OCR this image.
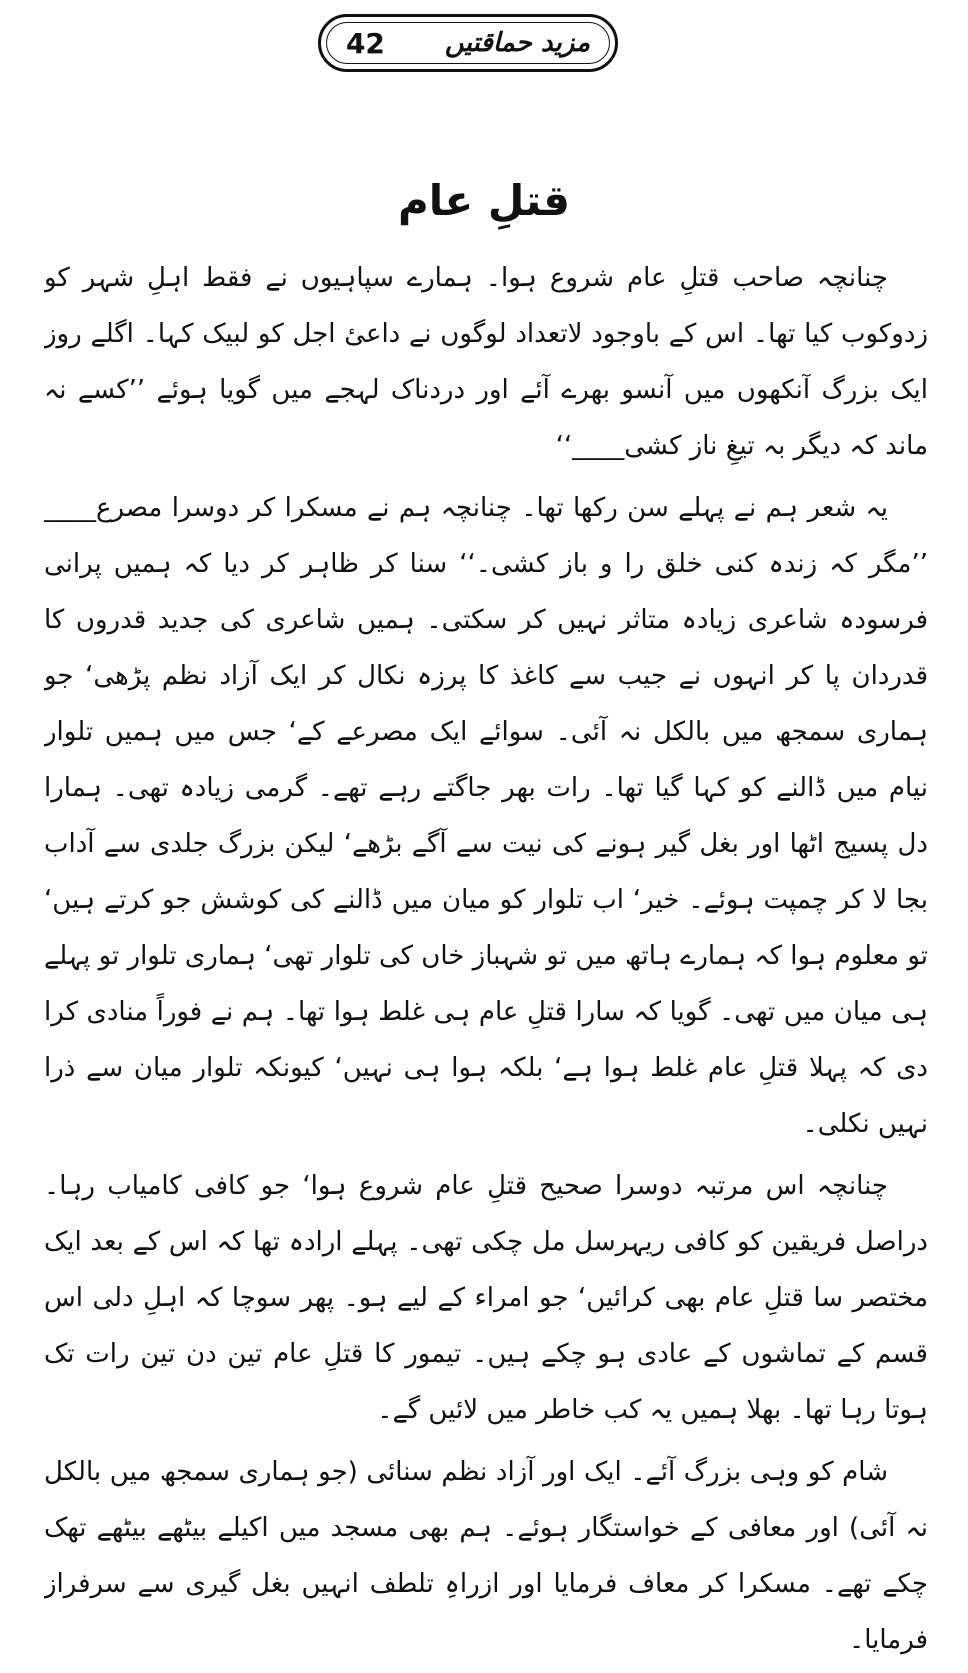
مزید حماقتیں
42
قتلِ عام

چنانچہ صاحب قتلِ عام شروع ہوا۔ ہمارے سپاہیوں نے فقط اہلِ شہر کو زدوکوب کیا تھا۔ اس کے باوجود لاتعداد لوگوں نے داعیٔ اجل کو لبیک کہا۔ اگلے روز ایک بزرگ آنکھوں میں آنسو بھرے آئے اور دردناک لہجے میں گویا ہوئے ’’کسے نہ ماند کہ دیگر بہ تیغِ ناز کشی____‘‘

یہ شعر ہم نے پہلے سن رکھا تھا۔ چنانچہ ہم نے مسکرا کر دوسرا مصرع____ ’’مگر کہ زندہ کنی خلق را و باز کشی۔‘‘ سنا کر ظاہر کر دیا کہ ہمیں پرانی فرسودہ شاعری زیادہ متاثر نہیں کر سکتی۔ ہمیں شاعری کی جدید قدروں کا قدردان پا کر انہوں نے جیب سے کاغذ کا پرزہ نکال کر ایک آزاد نظم پڑھی‘ جو ہماری سمجھ میں بالکل نہ آئی۔ سوائے ایک مصرعے کے‘ جس میں ہمیں تلوار نیام میں ڈالنے کو کہا گیا تھا۔ رات بھر جاگتے رہے تھے۔ گرمی زیادہ تھی۔ ہمارا دل پسیج اٹھا اور بغل گیر ہونے کی نیت سے آگے بڑھے‘ لیکن بزرگ جلدی سے آداب بجا لا کر چمپت ہوئے۔ خیر‘ اب تلوار کو میان میں ڈالنے کی کوشش جو کرتے ہیں‘ تو معلوم ہوا کہ ہمارے ہاتھ میں تو شہباز خاں کی تلوار تھی‘ ہماری تلوار تو پہلے ہی میان میں تھی۔ گویا کہ سارا قتلِ عام ہی غلط ہوا تھا۔ ہم نے فوراً منادی کرا دی کہ پہلا قتلِ عام غلط ہوا ہے‘ بلکہ ہوا ہی نہیں‘ کیونکہ تلوار میان سے ذرا نہیں نکلی۔

چنانچہ اس مرتبہ دوسرا صحیح قتلِ عام شروع ہوا‘ جو کافی کامیاب رہا۔ دراصل فریقین کو کافی ریہرسل مل چکی تھی۔ پہلے ارادہ تھا کہ اس کے بعد ایک مختصر سا قتلِ عام بھی کرائیں‘ جو امراء کے لیے ہو۔ پھر سوچا کہ اہلِ دلی اس قسم کے تماشوں کے عادی ہو چکے ہیں۔ تیمور کا قتلِ عام تین دن تین رات تک ہوتا رہا تھا۔ بھلا ہمیں یہ کب خاطر میں لائیں گے۔

شام کو وہی بزرگ آئے۔ ایک اور آزاد نظم سنائی (جو ہماری سمجھ میں بالکل نہ آئی) اور معافی کے خواستگار ہوئے۔ ہم بھی مسجد میں اکیلے بیٹھے بیٹھے تھک چکے تھے۔ مسکرا کر معاف فرمایا اور ازراہِ تلطف انہیں بغل گیری سے سرفراز فرمایا۔
